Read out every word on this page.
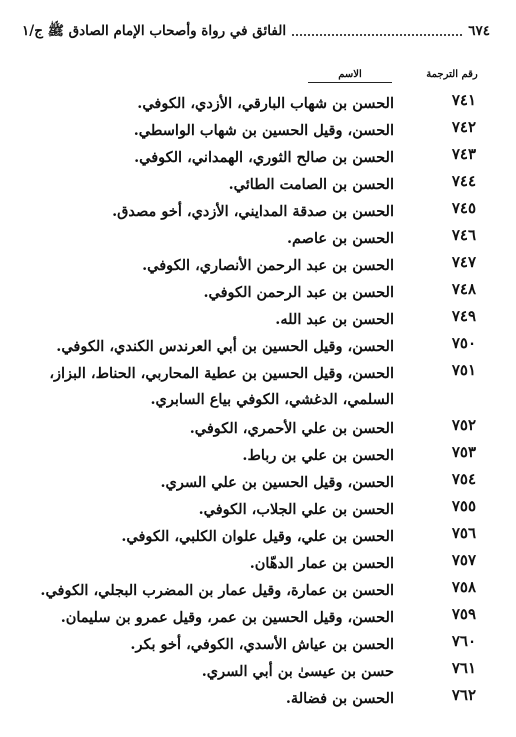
٦٧٤
الفائق في رواة وأصحاب الإمام الصادق ﷺ ج/١
رقم الترجمة
الاسم
٧٤١
الحسن بن شهاب البارقي، الأزدي، الكوفي.
٧٤٢
الحسن، وقيل الحسين بن شهاب الواسطي.
٧٤٣
الحسن بن صالح الثوري، الهمداني، الكوفي.
٧٤٤
الحسن بن الصامت الطائي.
٧٤٥
الحسن بن صدقة المدايني، الأزدي، أخو مصدق.
٧٤٦
الحسن بن عاصم.
٧٤٧
الحسن بن عبد الرحمن الأنصاري، الكوفي.
٧٤٨
الحسن بن عبد الرحمن الكوفي.
٧٤٩
الحسن بن عبد الله.
٧٥٠
الحسن، وقيل الحسين بن أبي العرندس الكندي، الكوفي.
٧٥١
الحسن، وقيل الحسين بن عطية المحاربي، الحناط، البزاز، السلمي، الدغشي، الكوفي بياع السابري.
٧٥٢
الحسن بن علي الأحمري، الكوفي.
٧٥٣
الحسن بن علي بن رباط.
٧٥٤
الحسن، وقيل الحسين بن علي السري.
٧٥٥
الحسن بن علي الجلاب، الكوفي.
٧٥٦
الحسن بن علي، وقيل علوان الكلبي، الكوفي.
٧٥٧
الحسن بن عمار الدهّان.
٧٥٨
الحسن بن عمارة، وقيل عمار بن المضرب البجلي، الكوفي.
٧٥٩
الحسن، وقيل الحسين بن عمر، وقيل عمرو بن سليمان.
٧٦٠
الحسن بن عياش الأسدي، الكوفي، أخو بكر.
٧٦١
حسن بن عيسىٰ بن أبي السري.
٧٦٢
الحسن بن فضالة.
